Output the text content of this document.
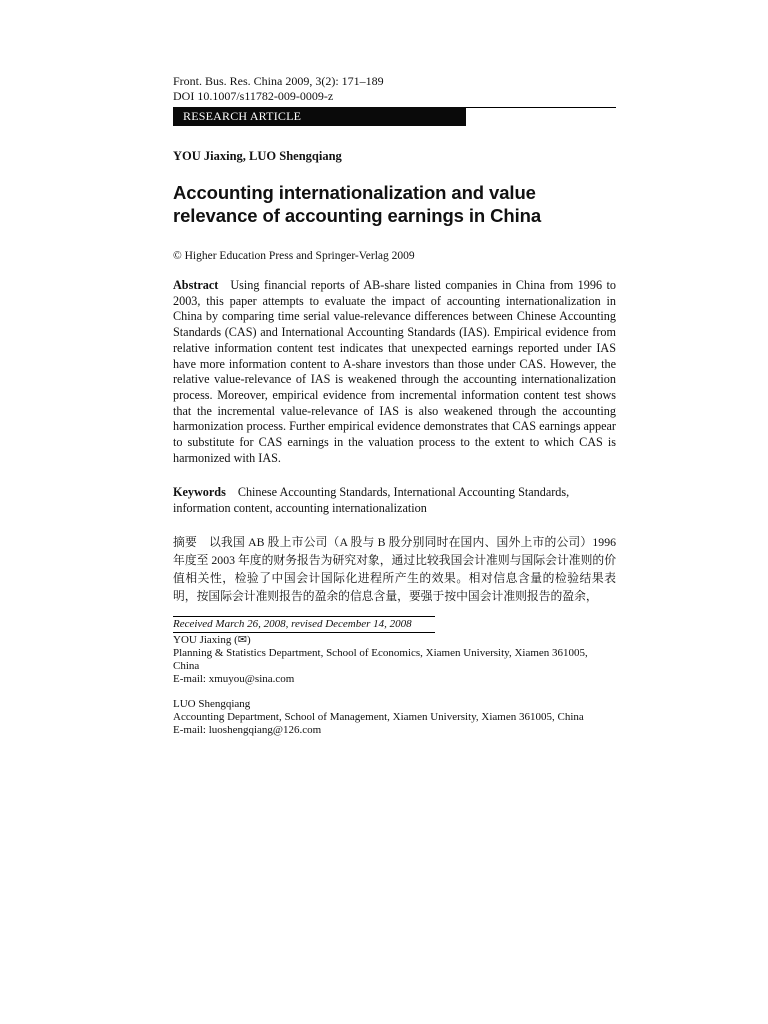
Front. Bus. Res. China 2009, 3(2): 171–189
DOI 10.1007/s11782-009-0009-z
RESEARCH ARTICLE
YOU Jiaxing, LUO Shengqiang
Accounting internationalization and value
relevance of accounting earnings in China
© Higher Education Press and Springer-Verlag 2009
Abstract Using financial reports of AB-share listed companies in China from 1996 to 2003, this paper attempts to evaluate the impact of accounting internationalization in China by comparing time serial value-relevance differences between Chinese Accounting Standards (CAS) and International Accounting Standards (IAS). Empirical evidence from relative information content test indicates that unexpected earnings reported under IAS have more information content to A-share investors than those under CAS. However, the relative value-relevance of IAS is weakened through the accounting internationalization process. Moreover, empirical evidence from incremental information content test shows that the incremental value-relevance of IAS is also weakened through the accounting harmonization process. Further empirical evidence demonstrates that CAS earnings appear to substitute for CAS earnings in the valuation process to the extent to which CAS is harmonized with IAS.
Keywords Chinese Accounting Standards, International Accounting Standards, information content, accounting internationalization
摘要 以我国 AB 股上市公司（A 股与 B 股分别同时在国内、国外上市的公司）1996 年度至 2003 年度的财务报告为研究对象，通过比较我国会计准则与国际会计准则的价值相关性，检验了中国会计国际化进程所产生的效果。相对信息含量的检验结果表明，按国际会计准则报告的盈余的信息含量，要强于按中国会计准则报告的盈余，
Received March 26, 2008, revised December 14, 2008
YOU Jiaxing (✉)
Planning & Statistics Department, School of Economics, Xiamen University, Xiamen 361005, China
E-mail: xmuyou@sina.com
LUO Shengqiang
Accounting Department, School of Management, Xiamen University, Xiamen 361005, China
E-mail: luoshengqiang@126.com
